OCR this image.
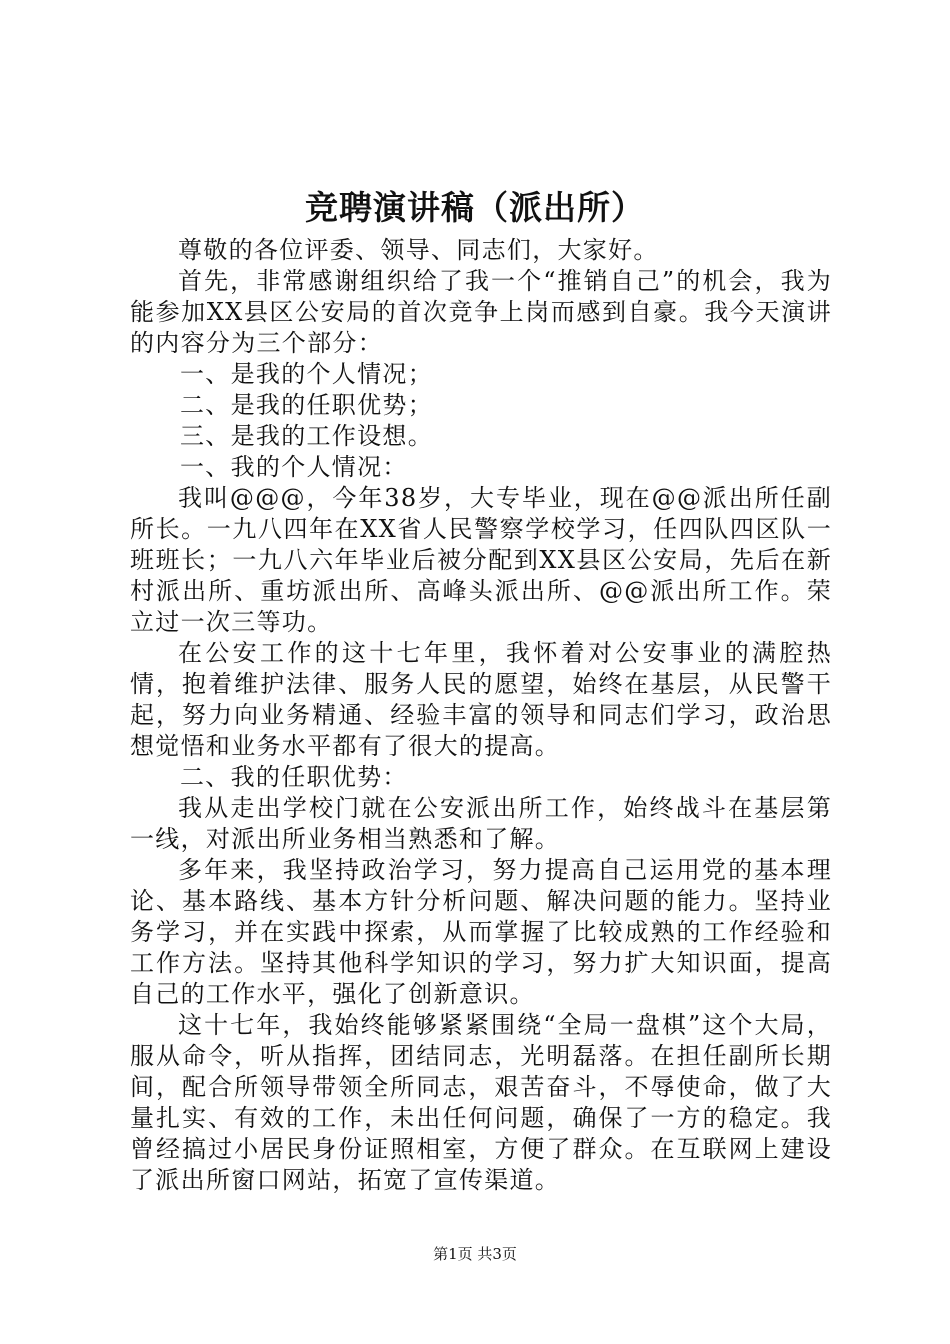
竞聘演讲稿（派出所）

尊敬的各位评委、领导、同志们，大家好。

首先，非常感谢组织给了我一个“推销自己”的机会，我为能参加XX县区公安局的首次竞争上岗而感到自豪。我今天演讲的内容分为三个部分：

一、是我的个人情况；

二、是我的任职优势；

三、是我的工作设想。

一、我的个人情况：

我叫@@@，今年38岁，大专毕业，现在@@派出所任副所长。一九八四年在XX省人民警察学校学习，任四队四区队一班班长；一九八六年毕业后被分配到XX县区公安局，先后在新村派出所、重坊派出所、高峰头派出所、@@派出所工作。荣立过一次三等功。

在公安工作的这十七年里，我怀着对公安事业的满腔热情，抱着维护法律、服务人民的愿望，始终在基层，从民警干起，努力向业务精通、经验丰富的领导和同志们学习，政治思想觉悟和业务水平都有了很大的提高。

二、我的任职优势：

我从走出学校门就在公安派出所工作，始终战斗在基层第一线，对派出所业务相当熟悉和了解。

多年来，我坚持政治学习，努力提高自己运用党的基本理论、基本路线、基本方针分析问题、解决问题的能力。坚持业务学习，并在实践中探索，从而掌握了比较成熟的工作经验和工作方法。坚持其他科学知识的学习，努力扩大知识面，提高自己的工作水平，强化了创新意识。

这十七年，我始终能够紧紧围绕“全局一盘棋”这个大局，服从命令，听从指挥，团结同志，光明磊落。在担任副所长期间，配合所领导带领全所同志，艰苦奋斗，不辱使命，做了大量扎实、有效的工作，未出任何问题，确保了一方的稳定。我曾经搞过小居民身份证照相室，方便了群众。在互联网上建设了派出所窗口网站，拓宽了宣传渠道。

第1页 共3页
